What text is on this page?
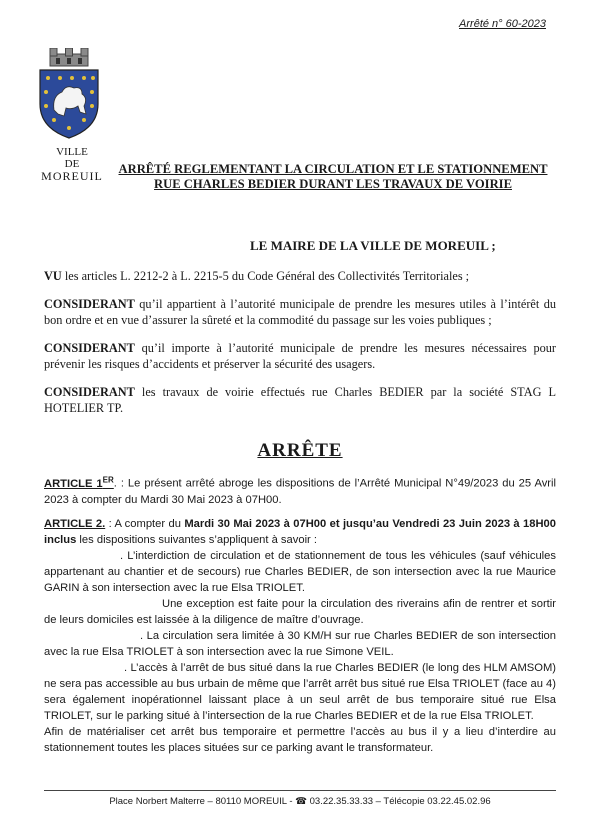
Arrêté n° 60-2023
VILLE
DE
MOREUIL	ARRÊTÉ REGLEMENTANT LA CIRCULATION ET LE STATIONNEMENT RUE CHARLES BEDIER DURANT LES TRAVAUX DE VOIRIE
LE MAIRE DE LA VILLE DE MOREUIL ;
VU les articles L. 2212-2 à L. 2215-5 du Code Général des Collectivités Territoriales ;
CONSIDERANT qu’il appartient à l’autorité municipale de prendre les mesures utiles à l’intérêt du bon ordre et en vue d’assurer la sûreté et la commodité du passage sur les voies publiques ;
CONSIDERANT qu’il importe à l’autorité municipale de prendre les mesures nécessaires pour prévenir les risques d’accidents et préserver la sécurité des usagers.
CONSIDERANT les travaux de voirie effectués rue Charles BEDIER par la société STAG L HOTELIER TP.
ARRÊTE
ARTICLE 1ER. : Le présent arrêté abroge les dispositions de l’Arrêté Municipal N°49/2023 du 25 Avril 2023 à compter du Mardi 30 Mai 2023 à 07H00.
ARTICLE 2. : A compter du Mardi 30 Mai 2023 à 07H00 et jusqu’au Vendredi 23 Juin 2023 à 18H00 inclus les dispositions suivantes s’appliquent à savoir :
. L’interdiction de circulation et de stationnement de tous les véhicules (sauf véhicules appartenant au chantier et de secours) rue Charles BEDIER, de son intersection avec la rue Maurice GARIN à son intersection avec la rue Elsa TRIOLET.
Une exception est faite pour la circulation des riverains afin de rentrer et sortir de leurs domiciles est laissée à la diligence de maître d’ouvrage.
. La circulation sera limitée à 30 KM/H sur rue Charles BEDIER de son intersection avec la rue Elsa TRIOLET à son intersection avec la rue Simone VEIL.
. L’accès à l’arrêt de bus situé dans la rue Charles BEDIER (le long des HLM AMSOM) ne sera pas accessible au bus urbain de même que l’arrêt arrêt bus situé rue Elsa TRIOLET (face au 4) sera également inopérationnel laissant place à un seul arrêt de bus temporaire situé rue Elsa TRIOLET, sur le parking situé à l’intersection de la rue Charles BEDIER et de la rue Elsa TRIOLET.
Afin de matérialiser cet arrêt bus temporaire et permettre l’accès au bus il y a lieu d’interdire au stationnement toutes les places situées sur ce parking avant le transformateur.
Place Norbert Malterre – 80110 MOREUIL - ☎ 03.22.35.33.33 – Télécopie 03.22.45.02.96
